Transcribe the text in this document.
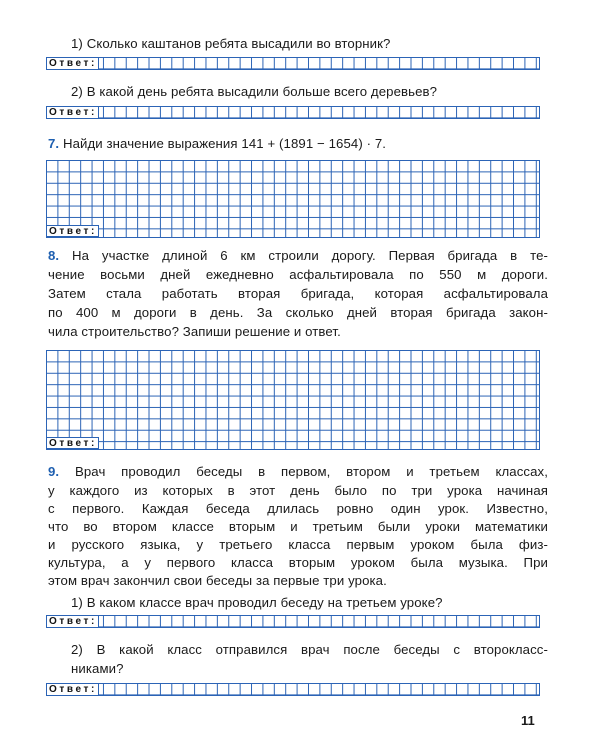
1) Сколько каштанов ребята высадили во вторник?
Ответ:
2) В какой день ребята высадили больше всего деревьев?
Ответ:
7. Найди значение выражения 141 + (1891 − 1654) · 7.
Ответ:
8. На участке длиной 6 км строили дорогу. Первая бригада в те-
чение восьми дней ежедневно асфальтировала по 550 м дороги.
Затем стала работать вторая бригада, которая асфальтировала
по 400 м дороги в день. За сколько дней вторая бригада закон-
чила строительство? Запиши решение и ответ.
Ответ:
9. Врач проводил беседы в первом, втором и третьем классах,
у каждого из которых в этот день было по три урока начиная
с первого. Каждая беседа длилась ровно один урок. Известно,
что во втором классе вторым и третьим были уроки математики
и русского языка, у третьего класса первым уроком была физ-
культура, а у первого класса вторым уроком была музыка. При
этом врач закончил свои беседы за первые три урока.
1) В каком классе врач проводил беседу на третьем уроке?
Ответ:
2) В какой класс отправился врач после беседы с второкласс-
никами?
Ответ:
11
